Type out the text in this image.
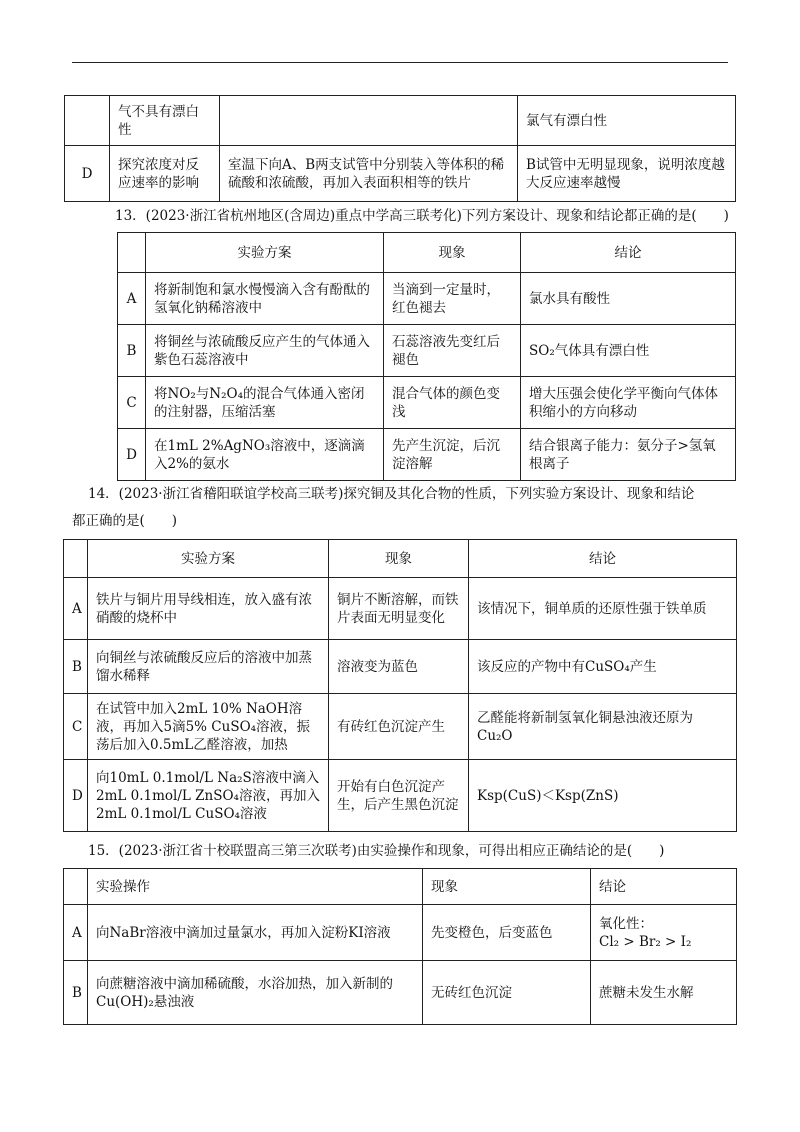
	气不具有漂白性		氯气有漂白性
D	探究浓度对反应速率的影响	室温下向A、B两支试管中分别装入等体积的稀硫酸和浓硫酸，再加入表面积相等的铁片	B试管中无明显现象，说明浓度越大反应速率越慢
13．(2023·浙江省杭州地区(含周边)重点中学高三联考化)下列方案设计、现象和结论都正确的是(　　)
	实验方案	现象	结论
A	将新制饱和氯水慢慢滴入含有酚酞的氢氧化钠稀溶液中	当滴到一定量时，红色褪去	氯水具有酸性
B	将铜丝与浓硫酸反应产生的气体通入紫色石蕊溶液中	石蕊溶液先变红后褪色	SO₂气体具有漂白性
C	将NO₂与N₂O₄的混合气体通入密闭的注射器，压缩活塞	混合气体的颜色变浅	增大压强会使化学平衡向气体体积缩小的方向移动
D	在1mL 2%AgNO₃溶液中，逐滴滴入2%的氨水	先产生沉淀，后沉淀溶解	结合银离子能力：氨分子>氢氧根离子
14．(2023·浙江省稽阳联谊学校高三联考)探究铜及其化合物的性质，下列实验方案设计、现象和结论
都正确的是(　　)
	实验方案	现象	结论
A	铁片与铜片用导线相连，放入盛有浓硝酸的烧杯中	铜片不断溶解，而铁片表面无明显变化	该情况下，铜单质的还原性强于铁单质
B	向铜丝与浓硫酸反应后的溶液中加蒸馏水稀释	溶液变为蓝色	该反应的产物中有CuSO₄产生
C	在试管中加入2mL 10% NaOH溶液，再加入5滴5% CuSO₄溶液，振荡后加入0.5mL乙醛溶液，加热	有砖红色沉淀产生	乙醛能将新制氢氧化铜悬浊液还原为Cu₂O
D	向10mL 0.1mol/L Na₂S溶液中滴入2mL 0.1mol/L ZnSO₄溶液，再加入2mL 0.1mol/L CuSO₄溶液	开始有白色沉淀产生，后产生黑色沉淀	Ksp(CuS)＜Ksp(ZnS)
15．(2023·浙江省十校联盟高三第三次联考)由实验操作和现象，可得出相应正确结论的是(　　)
	实验操作	现象	结论
A	向NaBr溶液中滴加过量氯水，再加入淀粉KI溶液	先变橙色，后变蓝色	氧化性：
Cl₂ > Br₂ > I₂

B	向蔗糖溶液中滴加稀硫酸，水浴加热，加入新制的Cu(OH)₂悬浊液	无砖红色沉淀	蔗糖未发生水解
